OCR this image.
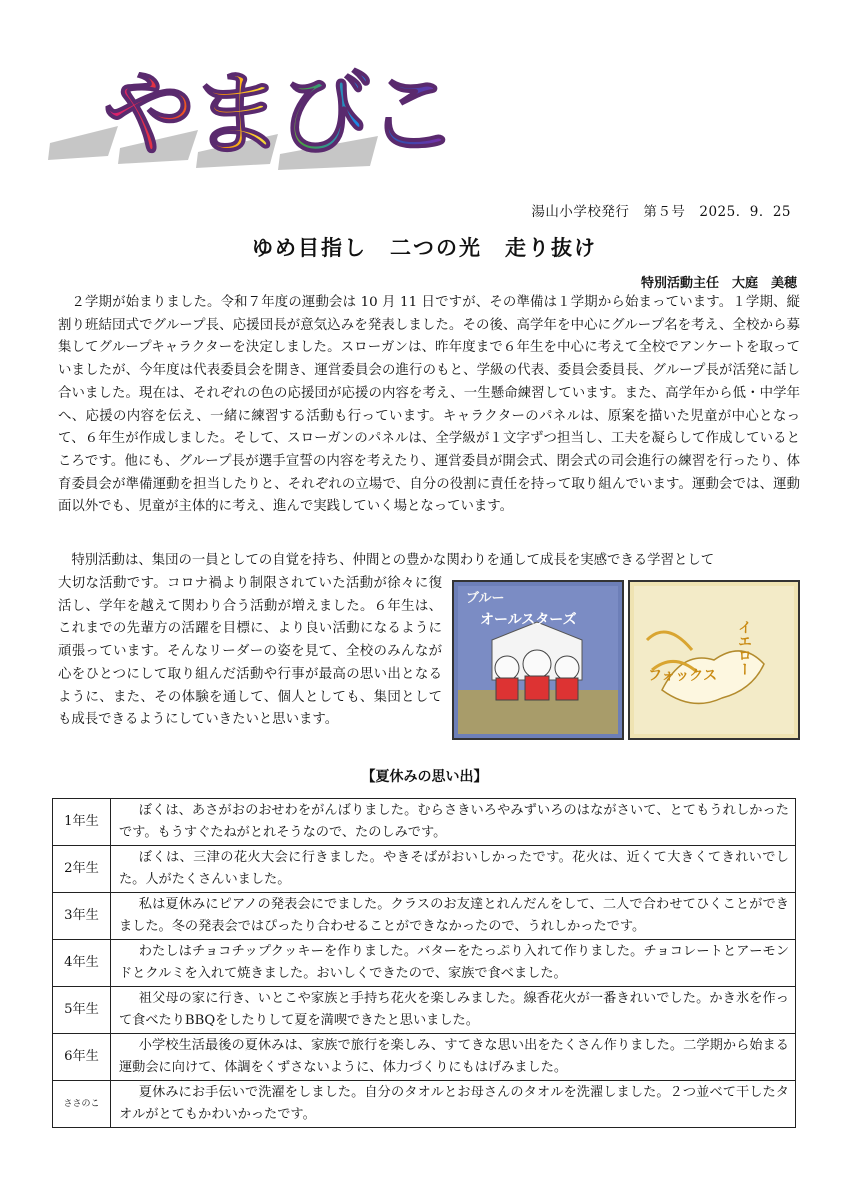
やまびこ
湯山小学校発行　第５号　2025．9．25
ゆめ目指し　二つの光　走り抜け
特別活動主任　大庭　美穂

２学期が始まりました。令和７年度の運動会は 10 月 11 日ですが、その準備は１学期から始まっています。１学期、縦割り班結団式でグループ長、応援団長が意気込みを発表しました。その後、高学年を中心にグループ名を考え、全校から募集してグループキャラクターを決定しました。スローガンは、昨年度まで６年生を中心に考えて全校でアンケートを取っていましたが、今年度は代表委員会を開き、運営委員会の進行のもと、学級の代表、委員会委員長、グループ長が活発に話し合いました。現在は、それぞれの色の応援団が応援の内容を考え、一生懸命練習しています。また、高学年から低・中学年へ、応援の内容を伝え、一緒に練習する活動も行っています。キャラクターのパネルは、原案を描いた児童が中心となって、６年生が作成しました。そして、スローガンのパネルは、全学級が１文字ずつ担当し、工夫を凝らして作成しているところです。他にも、グループ長が選手宣誓の内容を考えたり、運営委員が開会式、閉会式の司会進行の練習を行ったり、体育委員会が準備運動を担当したりと、それぞれの立場で、自分の役割に責任を持って取り組んでいます。運動会では、運動面以外でも、児童が主体的に考え、進んで実践していく場となっています。

特別活動は、集団の一員としての自覚を持ち、仲間との豊かな関わりを通して成長を実感できる学習として

大切な活動です。コロナ禍より制限されていた活動が徐々に復活し、学年を越えて関わり合う活動が増えました。６年生は、これまでの先輩方の活躍を目標に、より良い活動になるように頑張っています。そんなリーダーの姿を見て、全校のみんなが心をひとつにして取り組んだ活動や行事が最高の思い出となるように、また、その体験を通して、個人としても、集団としても成長できるようにしていきたいと思います。

ブルー
オールスターズ	イエロー
フォックス
【夏休みの思い出】
1年生	ぼくは、あさがおのおせわをがんばりました。むらさきいろやみずいろのはながさいて、とてもうれしかったです。もうすぐたねがとれそうなので、たのしみです。
2年生	ぼくは、三津の花火大会に行きました。やきそばがおいしかったです。花火は、近くて大きくてきれいでした。人がたくさんいました。
3年生	私は夏休みにピアノの発表会にでました。クラスのお友達とれんだんをして、二人で合わせてひくことができました。冬の発表会ではぴったり合わせることができなかったので、うれしかったです。
4年生	わたしはチョコチップクッキーを作りました。バターをたっぷり入れて作りました。チョコレートとアーモンドとクルミを入れて焼きました。おいしくできたので、家族で食べました。
5年生	祖父母の家に行き、いとこや家族と手持ち花火を楽しみました。線香花火が一番きれいでした。かき氷を作って食べたりBBQをしたりして夏を満喫できたと思いました。
6年生	小学校生活最後の夏休みは、家族で旅行を楽しみ、すてきな思い出をたくさん作りました。二学期から始まる運動会に向けて、体調をくずさないように、体力づくりにもはげみました。
ささのこ	夏休みにお手伝いで洗濯をしました。自分のタオルとお母さんのタオルを洗濯しました。２つ並べて干したタオルがとてもかわいかったです。
